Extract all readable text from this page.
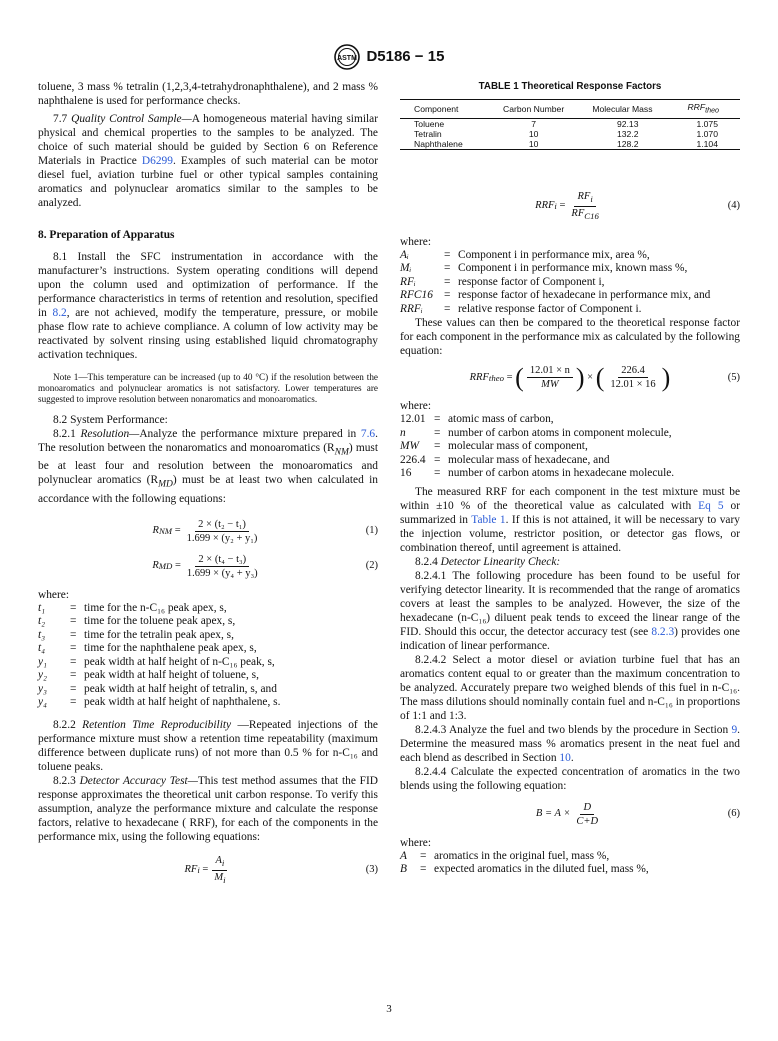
ASTM D5186 − 15

toluene, 3 mass % tetralin (1,2,3,4-tetrahydronaphthalene), and 2 mass % naphthalene is used for performance checks.

7.7 Quality Control Sample—A homogeneous material having similar physical and chemical properties to the samples to be analyzed. The choice of such material should be guided by Section 6 on Reference Materials in Practice D6299. Examples of such material can be motor diesel fuel, aviation turbine fuel or other typical samples containing aromatics and polynuclear aromatics similar to the samples to be analyzed.

8. Preparation of Apparatus

8.1 Install the SFC instrumentation in accordance with the manufacturer’s instructions. System operating conditions will depend upon the column used and optimization of performance. If the performance characteristics in terms of retention and resolution, specified in 8.2, are not achieved, modify the temperature, pressure, or mobile phase flow rate to achieve compliance. A column of low activity may be reactivated by solvent rinsing using established liquid chromatography activation techniques.

Note 1—This temperature can be increased (up to 40 °C) if the resolution between the monoaromatics and polynuclear aromatics is not satisfactory. Lower temperatures are suggested to improve resolution between nonaromatics and monoaromatics.

8.2 System Performance:

8.2.1 Resolution—Analyze the performance mixture prepared in 7.6. The resolution between the nonaromatics and monoaromatics $(R_{NM})$ must be at least four and resolution between the monoaromatics and polynuclear aromatics $(R_{MD})$ must be at least two when calculated in accordance with the following equations:

R NM = $\frac{\text{2 × (t₂ − t₁)}}{\text{1.699 × (y₂ + y₁)}}$	(1)
R MD = $\frac{\text{2 × (t₄ − t₃)}}{\text{1.699 × (y₄ + y₃)}}$	(2)

where:

t₁	= time for the n-C₁₆ peak apex, s,
t₂	= time for the toluene peak apex, s,
t₃	= time for the tetralin peak apex, s,
t₄	= time for the naphthalene peak apex, s,
y₁	= peak width at half height of n-C₁₆ peak, s,
y₂	= peak width at half height of toluene, s,
y₃	= peak width at half height of tetralin, s, and
y₄	= peak width at half height of naphthalene, s.

8.2.2 Retention Time Reproducibility —Repeated injections of the performance mixture must show a retention time repeatability (maximum difference between duplicate runs) of not more than 0.5 % for n-C₁₆ and toluene peaks.

8.2.3 Detector Accuracy Test—This test method assumes that the FID response approximates the theoretical unit carbon response. To verify this assumption, analyze the performance mixture and calculate the response factors, relative to hexadecane ( RRF), for each of the components in the performance mix, using the following equations:

RF $i = \frac{A_i}{M_i}$	(3)
TABLE 1 Theoretical Response Factors
Component	Carbon Number	Molecular Mass	$RRF_{theo}$
Toluene	7	92.13	1.075
Tetralin	10	132.2	1.070
Naphthalene	10	128.2	1.104
RRF $i = \frac{RF_i}{RF_{C16}}$	(4)

where:

Aᵢ	= Component i in performance mix, area %,
Mᵢ	= Component i in performance mix, known mass %,
RFᵢ	= response factor of Component i,
RFC16 = response factor of hexadecane in performance mix, and
RRFᵢ	= relative response factor of Component i.

These values can then be compared to the theoretical response factor for each component in the performance mix as calculated by the following equation:

RRF theo = ( $\frac{12.01 \times n}{MW}$ ) × ( $\frac{226.4}{12.01 \times 16}$ )	(5)

where:

12.01 = atomic mass of carbon,
n	= number of carbon atoms in component molecule,
MW	= molecular mass of component,
226.4 = molecular mass of hexadecane, and
16	= number of carbon atoms in hexadecane molecule.

The measured RRF for each component in the test mixture must be within ±10 % of the theoretical value as calculated with Eq 5 or summarized in Table 1. If this is not attained, it will be necessary to vary the injection volume, restrictor position, or detector gas flows, or combination thereof, until agreement is attained.

8.2.4 Detector Linearity Check:

8.2.4.1 The following procedure has been found to be useful for verifying detector linearity. It is recommended that the range of aromatics covers at least the samples to be analyzed. However, the size of the hexadecane (n-C₁₆) diluent peak tends to exceed the linear range of the FID. Should this occur, the detector accuracy test (see 8.2.3) provides one indication of linear performance.

8.2.4.2 Select a motor diesel or aviation turbine fuel that has an aromatics content equal to or greater than the maximum concentration to be analyzed. Accurately prepare two weighed blends of this fuel in n-C₁₆. The mass dilutions should nominally contain fuel and n-C₁₆ in proportions of 1:1 and 1:3.

8.2.4.3 Analyze the fuel and two blends by the procedure in Section 9. Determine the measured mass % aromatics present in the neat fuel and each blend as described in Section 10.

8.2.4.4 Calculate the expected concentration of aromatics in the two blends using the following equation:

$B = A \times \frac{D}{C+D}$	(6)

where:

A	= aromatics in the original fuel, mass %,
B	= expected aromatics in the diluted fuel, mass %,
3
